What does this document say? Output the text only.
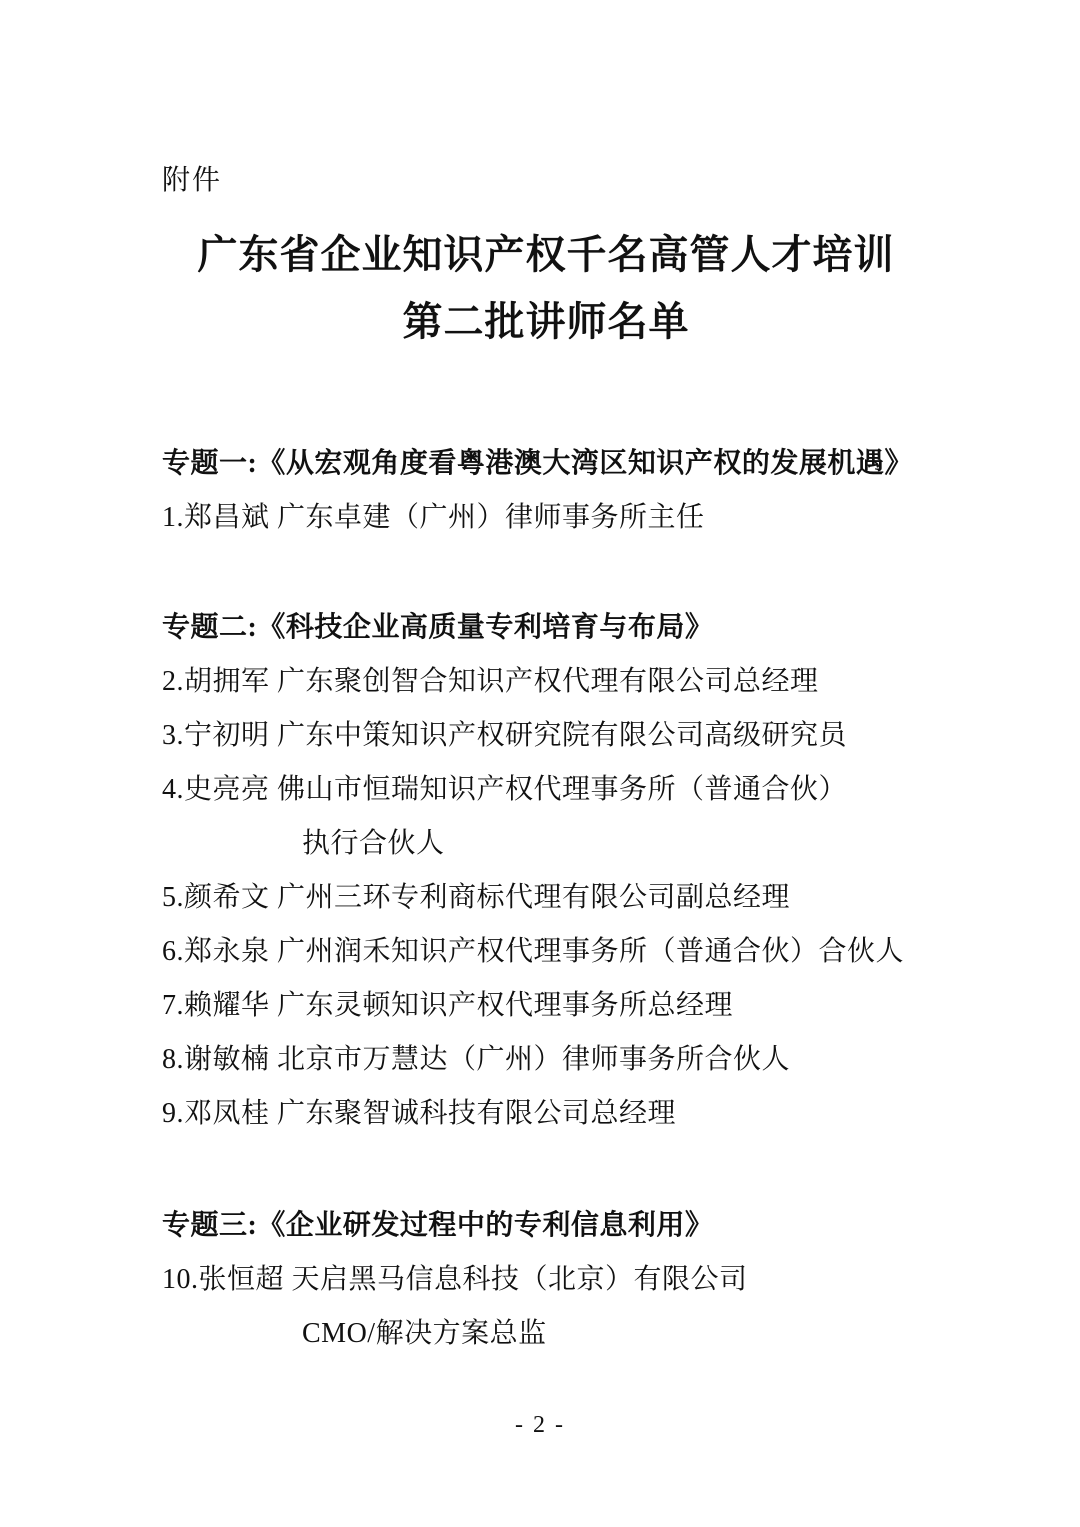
附件
广东省企业知识产权千名高管人才培训
第二批讲师名单
专题一:《从宏观角度看粤港澳大湾区知识产权的发展机遇》
1.郑昌斌 广东卓建（广州）律师事务所主任
专题二:《科技企业高质量专利培育与布局》
2.胡拥军 广东聚创智合知识产权代理有限公司总经理
3.宁初明 广东中策知识产权研究院有限公司高级研究员
4.史亮亮 佛山市恒瑞知识产权代理事务所（普通合伙）
执行合伙人
5.颜希文 广州三环专利商标代理有限公司副总经理
6.郑永泉 广州润禾知识产权代理事务所（普通合伙）合伙人
7.赖耀华 广东灵顿知识产权代理事务所总经理
8.谢敏楠 北京市万慧达（广州）律师事务所合伙人
9.邓凤桂 广东聚智诚科技有限公司总经理
专题三:《企业研发过程中的专利信息利用》
10.张恒超 天启黑马信息科技（北京）有限公司
CMO/解决方案总监
- 2 -
